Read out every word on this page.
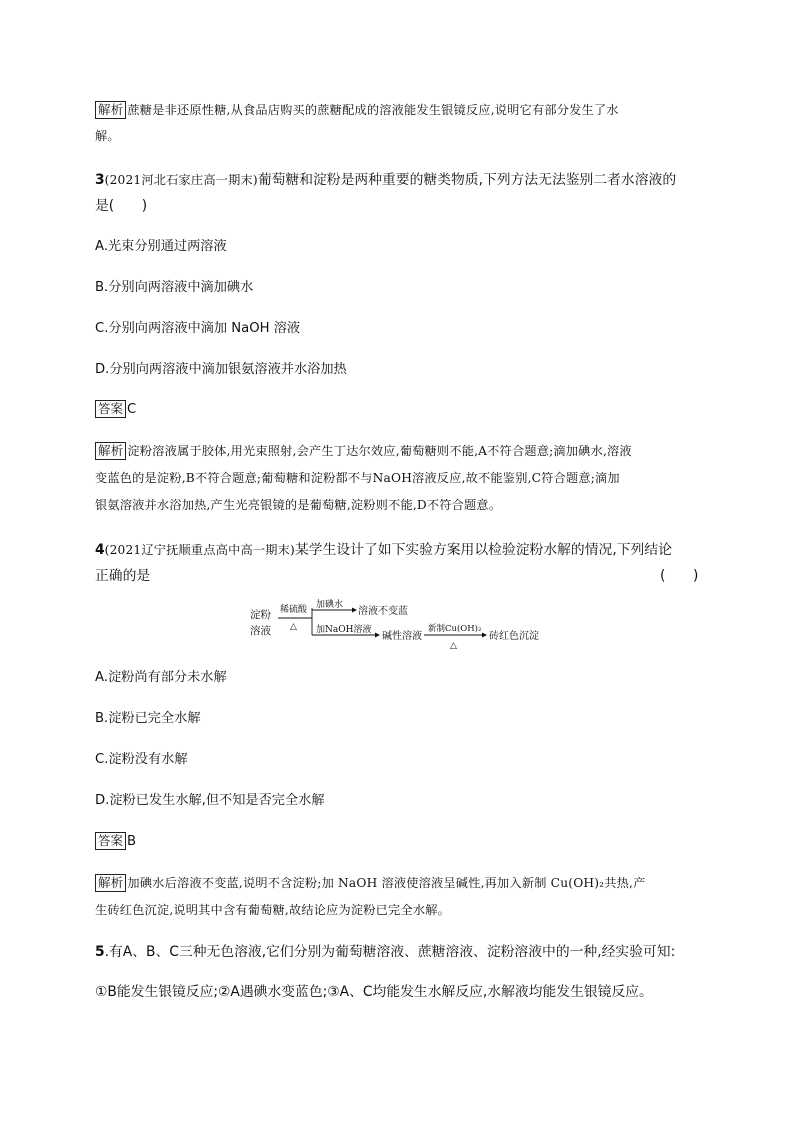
解析 蔗糖是非还原性糖,从食品店购买的蔗糖配成的溶液能发生银镜反应,说明它有部分发生了水
解。
3(2021河北石家庄高一期末)葡萄糖和淀粉是两种重要的糖类物质,下列方法无法鉴别二者水溶液的
是(　　)
A.光束分别通过两溶液
B.分别向两溶液中滴加碘水
C.分别向两溶液中滴加 NaOH 溶液
D.分别向两溶液中滴加银氨溶液并水浴加热
答案 C
解析 淀粉溶液属于胶体,用光束照射,会产生丁达尔效应,葡萄糖则不能,A不符合题意;滴加碘水,溶液
变蓝色的是淀粉,B不符合题意;葡萄糖和淀粉都不与NaOH溶液反应,故不能鉴别,C符合题意;滴加
银氨溶液并水浴加热,产生光亮银镜的是葡萄糖,淀粉则不能,D不符合题意。
4(2021辽宁抚顺重点高中高一期末)某学生设计了如下实验方案用以检验淀粉水解的情况,下列结论
正确的是	(　　)
淀粉
溶液
稀硫酸
△
加碘水
溶液不变蓝
加NaOH溶液
碱性溶液
新制Cu(OH)₂
△
砖红色沉淀
A.淀粉尚有部分未水解
B.淀粉已完全水解
C.淀粉没有水解
D.淀粉已发生水解,但不知是否完全水解
答案 B
解析 加碘水后溶液不变蓝,说明不含淀粉;加 NaOH 溶液使溶液呈碱性,再加入新制 Cu(OH)₂共热,产
生砖红色沉淀,说明其中含有葡萄糖,故结论应为淀粉已完全水解。
5.有A、B、C三种无色溶液,它们分别为葡萄糖溶液、蔗糖溶液、淀粉溶液中的一种,经实验可知:
①B能发生银镜反应;②A遇碘水变蓝色;③A、C均能发生水解反应,水解液均能发生银镜反应。
